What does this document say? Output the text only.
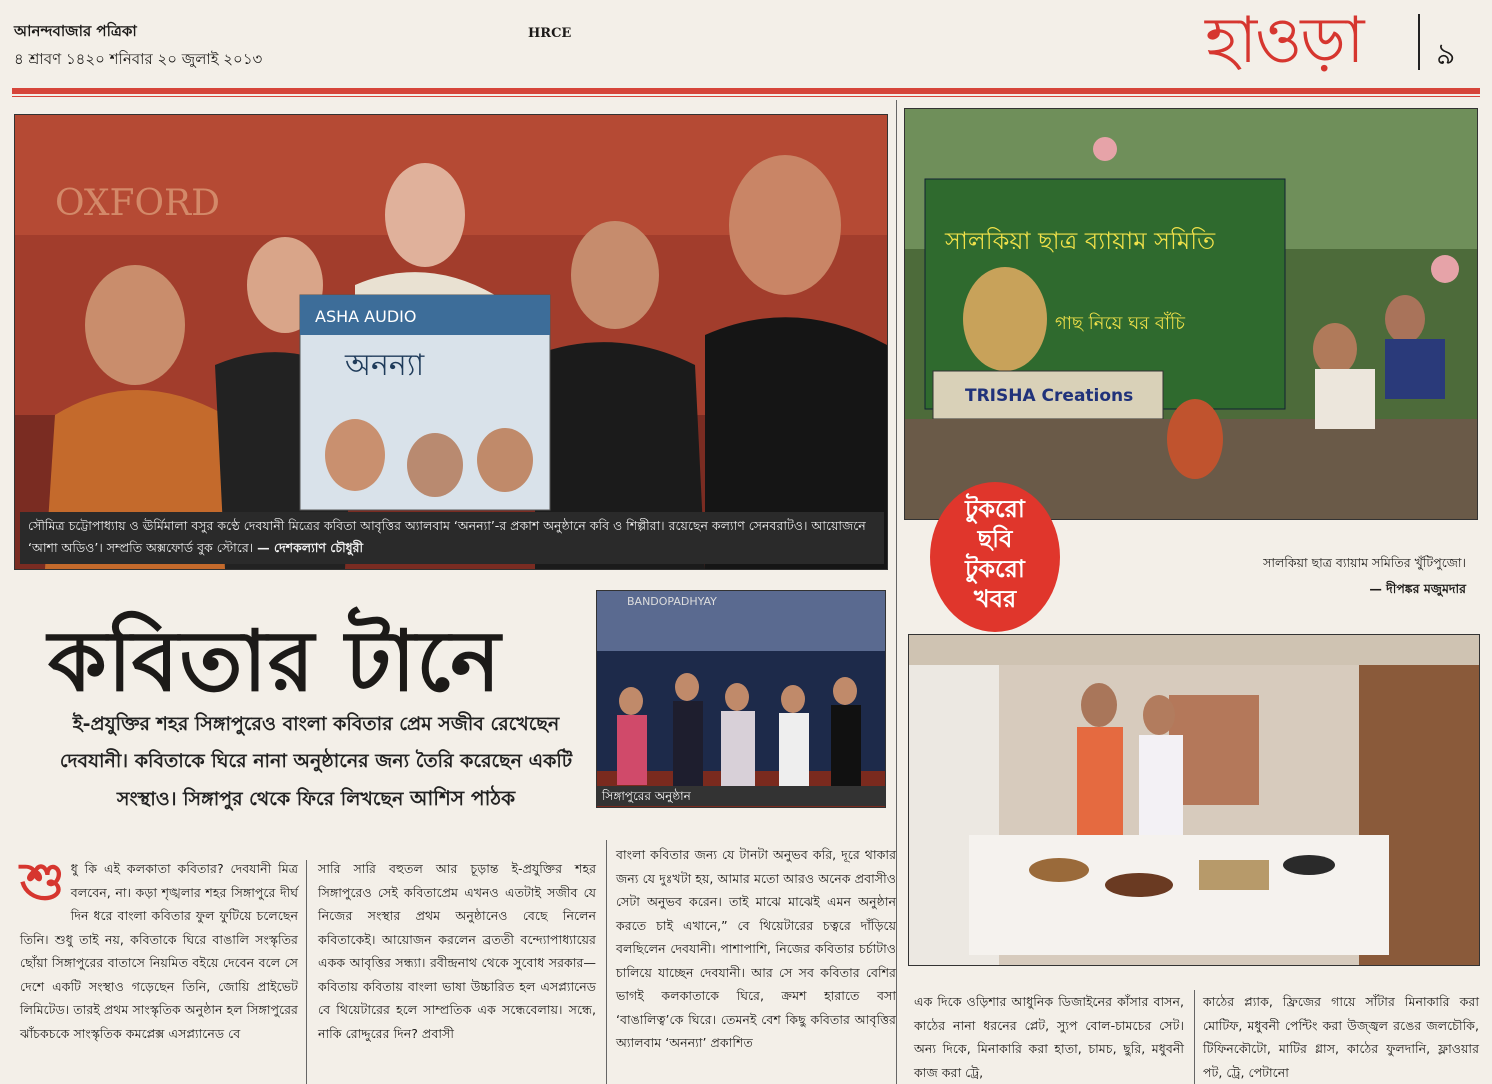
আনন্দবাজার পত্রিকা
৪ শ্রাবণ ১৪২০ শনিবার ২০ জুলাই ২০১৩
HRCE	হাওড়া ৯
ASHA AUDIO
অনন্যা
OXFORD
সৌমিত্র চট্টোপাধ্যায় ও ঊর্মিমালা বসুর কণ্ঠে দেবযানী মিত্রের কবিতা আবৃত্তির অ্যালবাম ‘অনন্যা’-র প্রকাশ অনুষ্ঠানে কবি ও শিল্পীরা। রয়েছেন কল্যাণ সেনবরাটও। আয়োজনে ‘আশা অডিও’। সম্প্রতি অক্সফোর্ড বুক স্টোরে। — দেশকল্যাণ চৌধুরী
সালকিয়া ছাত্র ব্যায়াম সমিতি
গাছ নিয়ে ঘর বাঁচি
TRISHA Creations
টুকরো
ছবি
টুকরো
খবর
সালকিয়া ছাত্র ব্যায়াম সমিতির খুঁটিপুজো।
— দীপঙ্কর মজুমদার
কবিতার টানে
ই-প্রযুক্তির শহর সিঙ্গাপুরেও বাংলা কবিতার প্রেম সজীব রেখেছেন দেবযানী। কবিতাকে ঘিরে নানা অনুষ্ঠানের জন্য তৈরি করেছেন একটি সংস্থাও। সিঙ্গাপুর থেকে ফিরে লিখছেন আশিস পাঠক
BANDOPADHYAY
সিঙ্গাপুরের অনুষ্ঠান
শুধু কি এই কলকাতা কবিতার? দেবযানী মিত্র বলবেন, না। কড়া শৃঙ্খলার শহর সিঙ্গাপুরে দীর্ঘ দিন ধরে বাংলা কবিতার ফুল ফুটিয়ে চলেছেন তিনি। শুধু তাই নয়, কবিতাকে ঘিরে বাঙালি সংস্কৃতির ছোঁয়া সিঙ্গাপুরের বাতাসে নিয়মিত বইয়ে দেবেন বলে সে দেশে একটি সংস্থাও গড়েছেন তিনি, জোয়ি প্রাইভেট লিমিটেড। তারই প্রথম সাংস্কৃতিক অনুষ্ঠান হল সিঙ্গাপুরের ঝাঁচকচকে সাংস্কৃতিক কমপ্লেক্স এসপ্ল্যানেড বে
সারি সারি বহুতল আর চূড়ান্ত ই-প্রযুক্তির শহর সিঙ্গাপুরেও সেই কবিতাপ্রেম এখনও এতটাই সজীব যে নিজের সংস্থার প্রথম অনুষ্ঠানেও বেছে নিলেন কবিতাকেই। আয়োজন করলেন ব্রততী বন্দ্যোপাধ্যায়ের একক আবৃত্তির সন্ধ্যা। রবীন্দ্রনাথ থেকে সুবোধ সরকার— কবিতায় কবিতায় বাংলা ভাষা উচ্চারিত হল এসপ্ল্যানেড বে থিয়েটারের হলে সাম্প্রতিক এক সন্ধেবেলায়। সন্ধে, নাকি রোদ্দুরের দিন? প্রবাসী
বাংলা কবিতার জন্য যে টানটা অনুভব করি, দূরে থাকার জন্য যে দুঃখটা হয়, আমার মতো আরও অনেক প্রবাসীও সেটা অনুভব করেন। তাই মাঝে মাঝেই এমন অনুষ্ঠান করতে চাই এখানে,” বে থিয়েটারের চত্বরে দাঁড়িয়ে বলছিলেন দেবযানী। পাশাপাশি, নিজের কবিতার চর্চাটাও চালিয়ে যাচ্ছেন দেবযানী। আর সে সব কবিতার বেশির ভাগই কলকাতাকে ঘিরে, ক্রমশ হারাতে বসা ‘বাঙালিত্ব’কে ঘিরে। তেমনই বেশ কিছু কবিতার আবৃত্তির অ্যালবাম ‘অনন্যা’ প্রকাশিত
এক দিকে ওড়িশার আধুনিক ডিজাইনের কাঁসার বাসন, কাঠের নানা ধরনের প্লেট, স্যুপ বোল-চামচের সেট। অন্য দিকে, মিনাকারি করা হাতা, চামচ, ছুরি, মধুবনী কাজ করা ট্রে,
কাঠের প্ল্যাক, ফ্রিজের গায়ে সাঁটার মিনাকারি করা মোটিফ, মধুবনী পেন্টিং করা উজ্জ্বল রঙের জলচৌকি, টিফিনকৌটো, মাটির গ্লাস, কাঠের ফুলদানি, ফ্লাওয়ার পট, ট্রে, পেটানো
